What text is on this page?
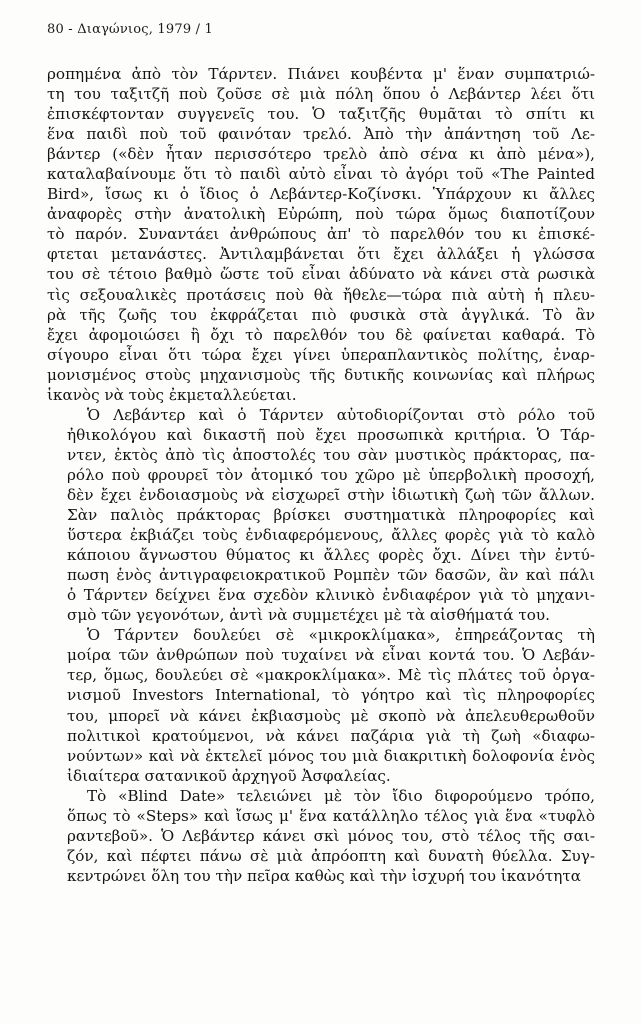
80 - Διαγώνιος, 1979 / 1
ροπημένα ἀπὸ τὸν Τάρντεν. Πιάνει κουβέντα μ' ἕναν συμπατριώ-
τη του ταξιτζῆ ποὺ ζοῦσε σὲ μιὰ πόλη ὅπου ὁ Λεβάντερ λέει ὅτι
ἐπισκέφτονταν συγγενεῖς του. Ὁ ταξιτζῆς θυμᾶται τὸ σπίτι κι
ἕνα παιδὶ ποὺ τοῦ φαινόταν τρελό. Ἀπὸ τὴν ἀπάντηση τοῦ Λε-
βάντερ («δὲν ἦταν περισσότερο τρελὸ ἀπὸ σένα κι ἀπὸ μένα»),
καταλαβαίνουμε ὅτι τὸ παιδὶ αὐτὸ εἶναι τὸ ἀγόρι τοῦ «The Painted
Bird», ἴσως κι ὁ ἴδιος ὁ Λεβάντερ-Κοζίνσκι. Ὑπάρχουν κι ἄλλες
ἀναφορὲς στὴν ἀνατολικὴ Εὐρώπη, ποὺ τώρα ὅμως διαποτίζουν
τὸ παρόν. Συναντάει ἀνθρώπους ἀπ' τὸ παρελθόν του κι ἐπισκέ-
φτεται μετανάστες. Ἀντιλαμβάνεται ὅτι ἔχει ἀλλάξει ἡ γλώσσα
του σὲ τέτοιο βαθμὸ ὥστε τοῦ εἶναι ἀδύνατο νὰ κάνει στὰ ρωσικὰ
τὶς σεξουαλικὲς προτάσεις ποὺ θὰ ἤθελε—τώρα πιὰ αὐτὴ ἡ πλευ-
ρὰ τῆς ζωῆς του ἐκφράζεται πιὸ φυσικὰ στὰ ἀγγλικά. Τὸ ἂν
ἔχει ἀφομοιώσει ἢ ὄχι τὸ παρελθόν του δὲ φαίνεται καθαρά. Τὸ
σίγουρο εἶναι ὅτι τώρα ἔχει γίνει ὑπεραπλαντικὸς πολίτης, ἐναρ-
μονισμένος στοὺς μηχανισμοὺς τῆς δυτικῆς κοινωνίας καὶ πλήρως
ἱκανὸς νὰ τοὺς ἐκμεταλλεύεται.
Ὁ Λεβάντερ καὶ ὁ Τάρντεν αὐτοδιορίζονται στὸ ρόλο τοῦ
ἠθικολόγου καὶ δικαστῆ ποὺ ἔχει προσωπικὰ κριτήρια. Ὁ Τάρ-
ντεν, ἐκτὸς ἀπὸ τὶς ἀποστολές του σὰν μυστικὸς πράκτορας, πα-
ρόλο ποὺ φρουρεῖ τὸν ἀτομικό του χῶρο μὲ ὑπερβολικὴ προσοχή,
δὲν ἔχει ἐνδοιασμοὺς νὰ εἰσχωρεῖ στὴν ἰδιωτικὴ ζωὴ τῶν ἄλλων.
Σὰν παλιὸς πράκτορας βρίσκει συστηματικὰ πληροφορίες καὶ
ὕστερα ἐκβιάζει τοὺς ἐνδιαφερόμενους, ἄλλες φορὲς γιὰ τὸ καλὸ
κάποιου ἄγνωστου θύματος κι ἄλλες φορὲς ὄχι. Δίνει τὴν ἐντύ-
πωση ἑνὸς ἀντιγραφειοκρατικοῦ Ρομπὲν τῶν δασῶν, ἂν καὶ πάλι
ὁ Τάρντεν δείχνει ἕνα σχεδὸν κλινικὸ ἐνδιαφέρον γιὰ τὸ μηχανι-
σμὸ τῶν γεγονότων, ἀντὶ νὰ συμμετέχει μὲ τὰ αἰσθήματά του.
Ὁ Τάρντεν δουλεύει σὲ «μικροκλίμακα», ἐπηρεάζοντας τὴ
μοίρα τῶν ἀνθρώπων ποὺ τυχαίνει νὰ εἶναι κοντά του. Ὁ Λεβάν-
τερ, ὅμως, δουλεύει σὲ «μακροκλίμακα». Μὲ τὶς πλάτες τοῦ ὀργα-
νισμοῦ Investors International, τὸ γόητρο καὶ τὶς πληροφορίες
του, μπορεῖ νὰ κάνει ἐκβιασμοὺς μὲ σκοπὸ νὰ ἀπελευθερωθοῦν
πολιτικοὶ κρατούμενοι, νὰ κάνει παζάρια γιὰ τὴ ζωὴ «διαφω-
νούντων» καὶ νὰ ἐκτελεῖ μόνος του μιὰ διακριτικὴ δολοφονία ἑνὸς
ἰδιαίτερα σατανικοῦ ἀρχηγοῦ Ἀσφαλείας.
Τὸ «Blind Date» τελειώνει μὲ τὸν ἴδιο διφορούμενο τρόπο,
ὅπως τὸ «Steps» καὶ ἴσως μ' ἕνα κατάλληλο τέλος γιὰ ἕνα «τυφλὸ
ραντεβοῦ». Ὁ Λεβάντερ κάνει σκὶ μόνος του, στὸ τέλος τῆς σαι-
ζόν, καὶ πέφτει πάνω σὲ μιὰ ἀπρόοπτη καὶ δυνατὴ θύελλα. Συγ-
κεντρώνει ὅλη του τὴν πεῖρα καθὼς καὶ τὴν ἰσχυρή του ἱκανότητα
